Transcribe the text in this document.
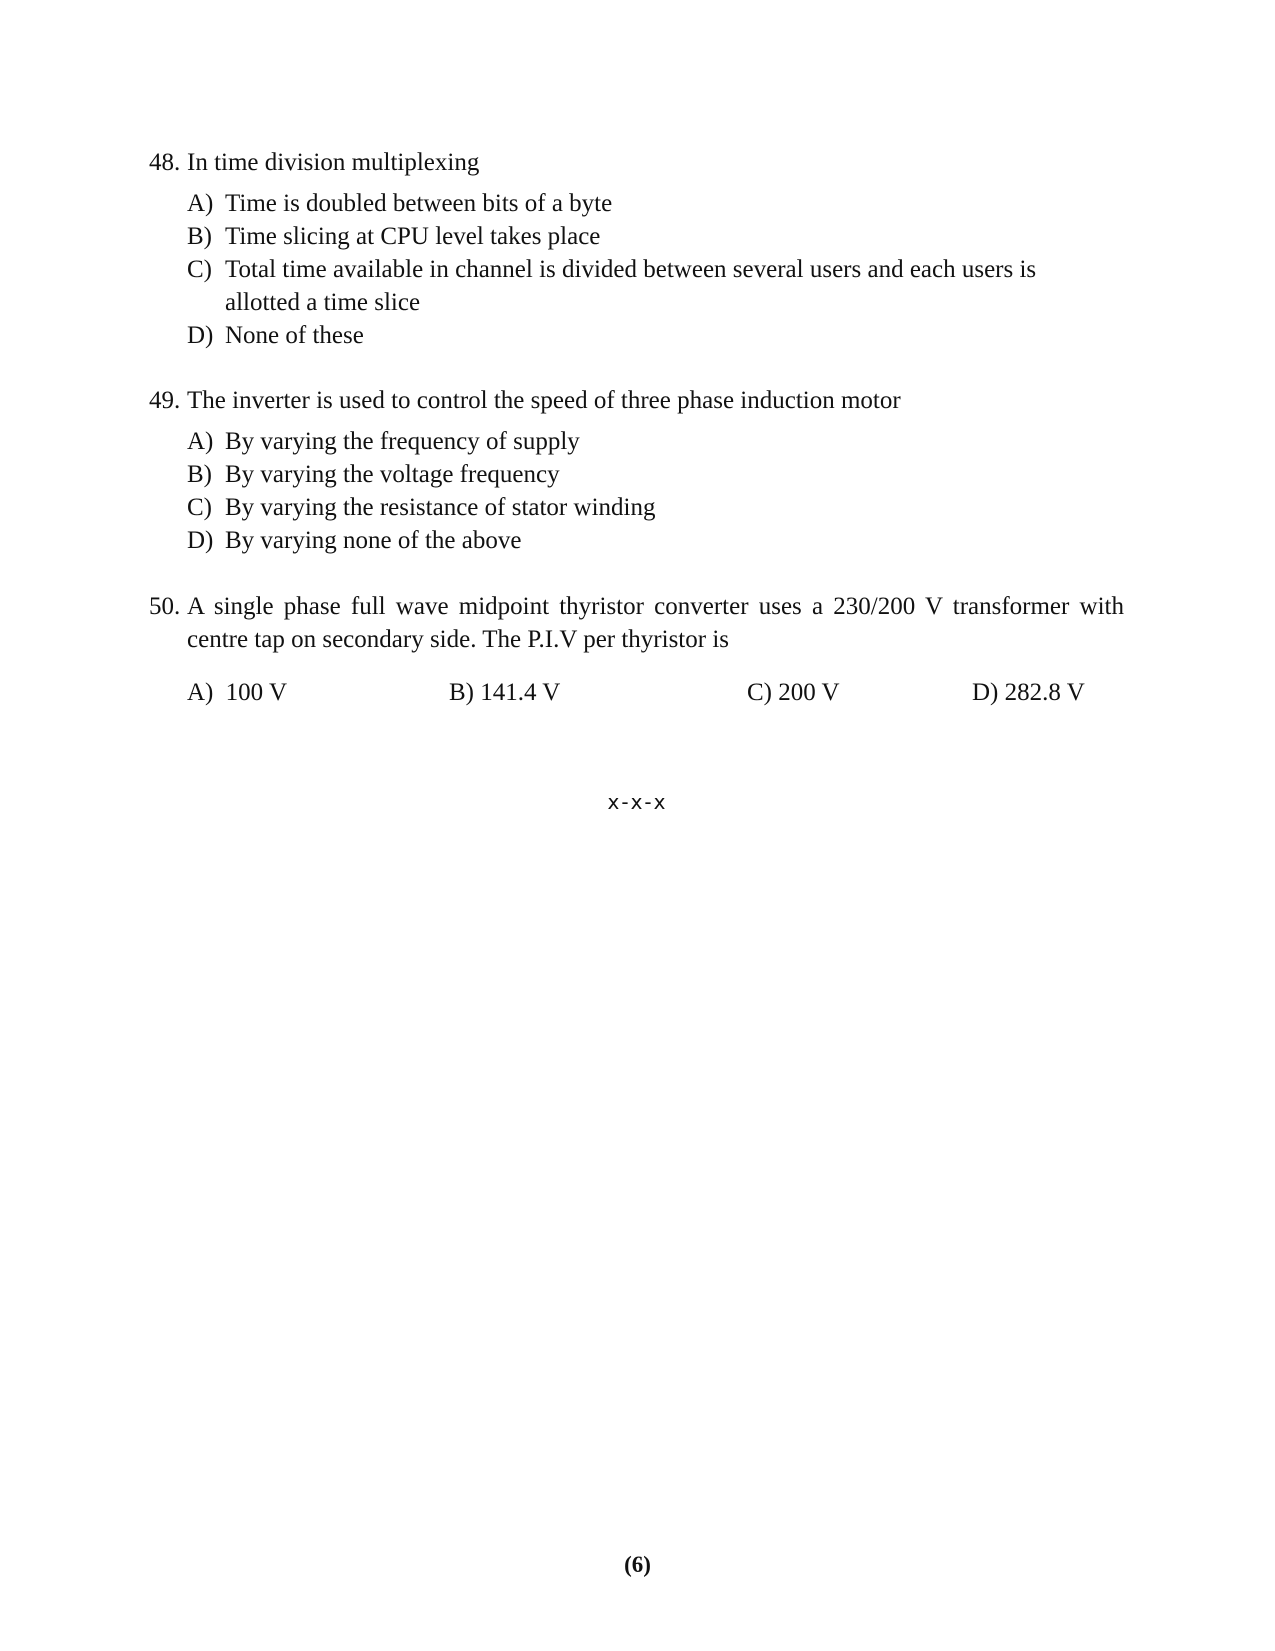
48. In time division multiplexing
A) Time is doubled between bits of a byte
B) Time slicing at CPU level takes place
C) Total time available in channel is divided between several users and each users is allotted a time slice
D) None of these
49. The inverter is used to control the speed of three phase induction motor
A) By varying the frequency of supply
B) By varying the voltage frequency
C) By varying the resistance of stator winding
D) By varying none of the above
50. A single phase full wave midpoint thyristor converter uses a 230/200 V transformer with centre tap on secondary side. The P.I.V per thyristor is
A) 100 V	B) 141.4 V	C) 200 V	D) 282.8 V
x-x-x
(6)
